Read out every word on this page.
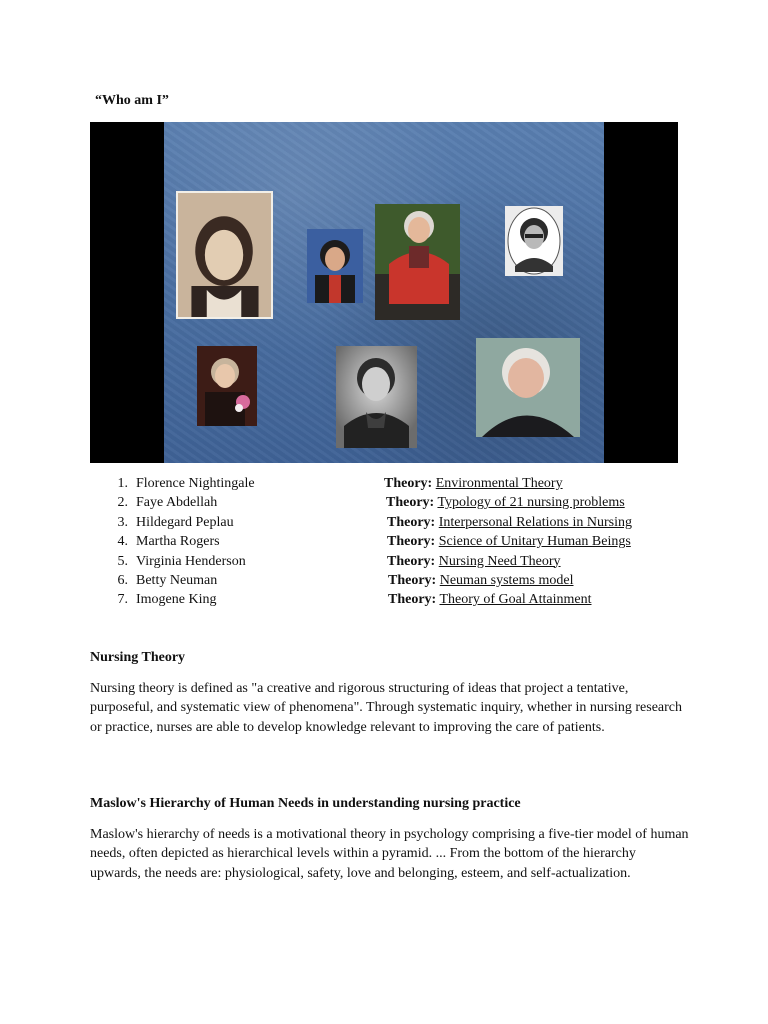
“Who am I”
1. Florence Nightingale	Theory: Environmental Theory
2. Faye Abdellah	Theory: Typology of 21 nursing problems
3. Hildegard Peplau	Theory: Interpersonal Relations in Nursing
4. Martha Rogers	Theory: Science of Unitary Human Beings
5. Virginia Henderson	Theory: Nursing Need Theory
6. Betty Neuman	Theory: Neuman systems model
7. Imogene King	Theory: Theory of Goal Attainment
Nursing Theory
Nursing theory is defined as "a creative and rigorous structuring of ideas that project a tentative, purposeful, and systematic view of phenomena". Through systematic inquiry, whether in nursing research or practice, nurses are able to develop knowledge relevant to improving the care of patients.
Maslow's Hierarchy of Human Needs in understanding nursing practice
Maslow's hierarchy of needs is a motivational theory in psychology comprising a five-tier model of human needs, often depicted as hierarchical levels within a pyramid. ... From the bottom of the hierarchy upwards, the needs are: physiological, safety, love and belonging, esteem, and self-actualization.
